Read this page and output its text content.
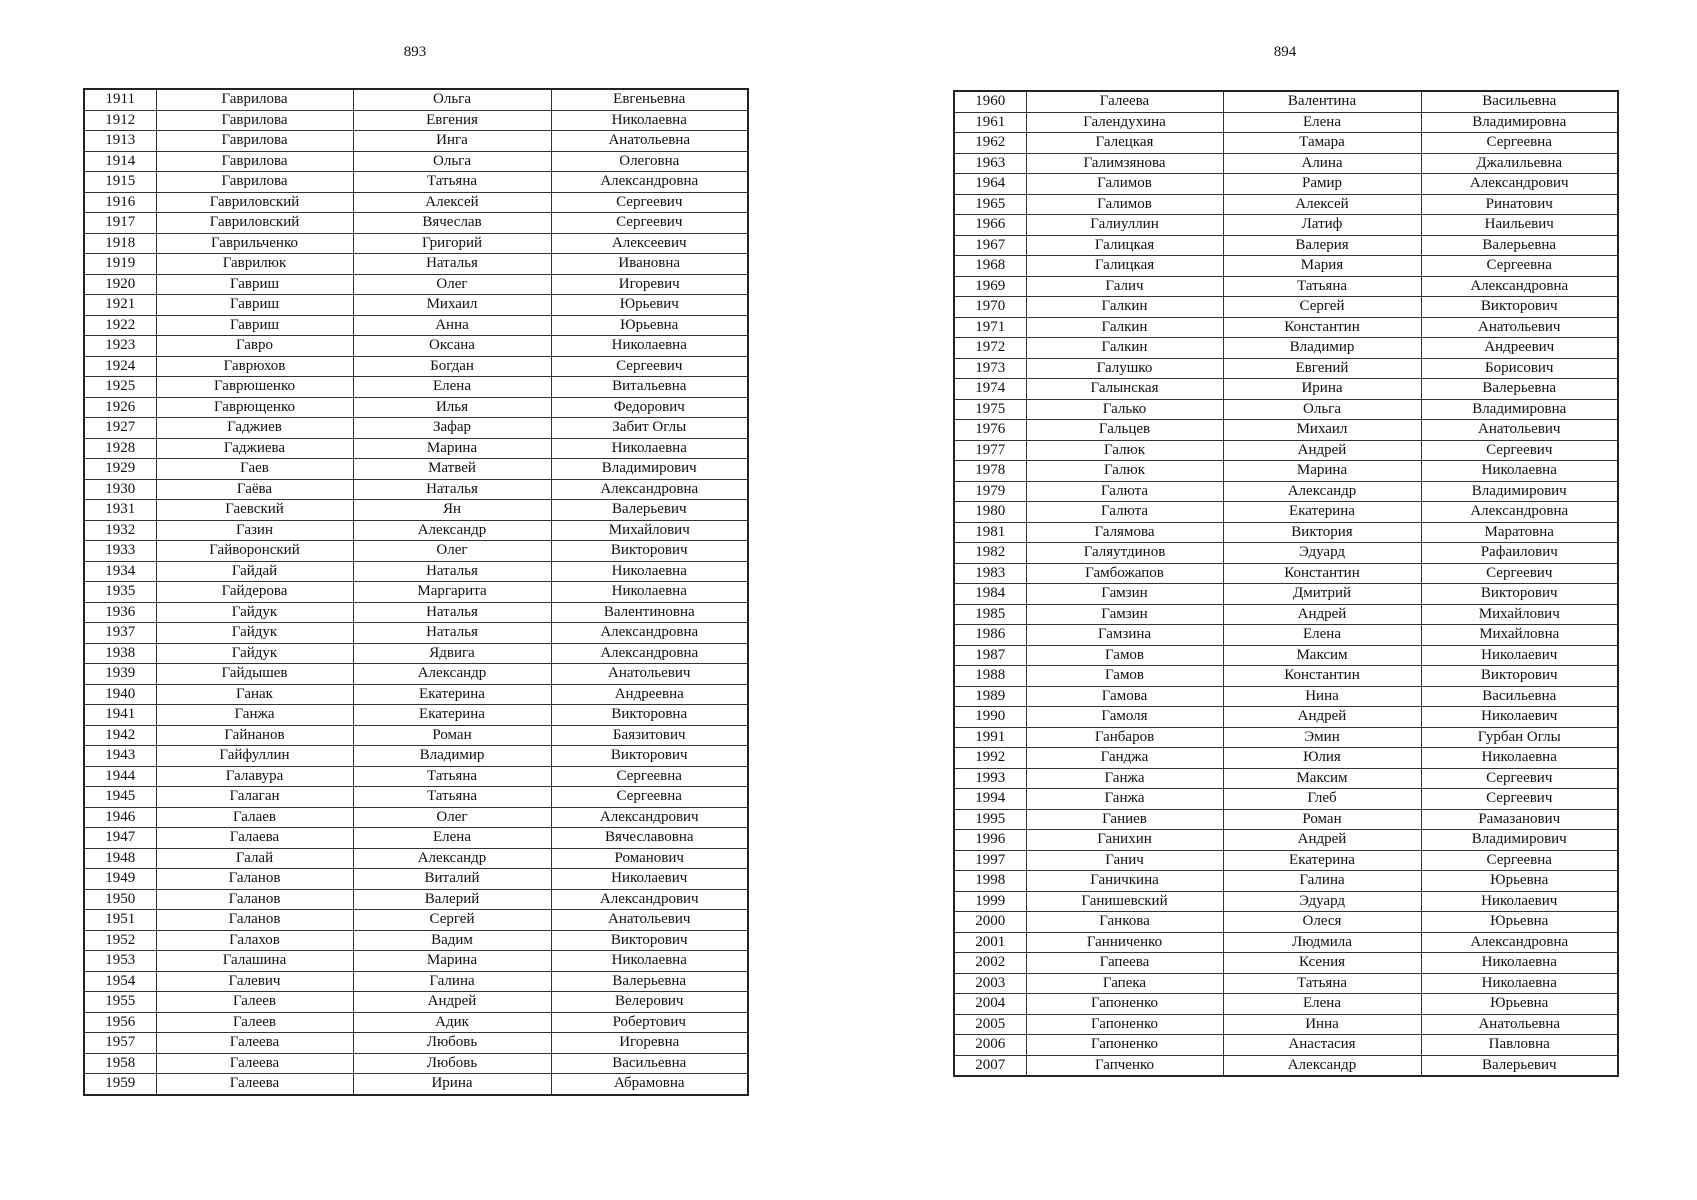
893
1911	Гаврилова	Ольга	Евгеньевна
1912	Гаврилова	Евгения	Николаевна
1913	Гаврилова	Инга	Анатольевна
1914	Гаврилова	Ольга	Олеговна
1915	Гаврилова	Татьяна	Александровна
1916	Гавриловский	Алексей	Сергеевич
1917	Гавриловский	Вячеслав	Сергеевич
1918	Гаврильченко	Григорий	Алексеевич
1919	Гаврилюк	Наталья	Ивановна
1920	Гавриш	Олег	Игоревич
1921	Гавриш	Михаил	Юрьевич
1922	Гавриш	Анна	Юрьевна
1923	Гавро	Оксана	Николаевна
1924	Гаврюхов	Богдан	Сергеевич
1925	Гаврюшенко	Елена	Витальевна
1926	Гаврющенко	Илья	Федорович
1927	Гаджиев	Зафар	Забит Оглы
1928	Гаджиева	Марина	Николаевна
1929	Гаев	Матвей	Владимирович
1930	Гаёва	Наталья	Александровна
1931	Гаевский	Ян	Валерьевич
1932	Газин	Александр	Михайлович
1933	Гайворонский	Олег	Викторович
1934	Гайдай	Наталья	Николаевна
1935	Гайдерова	Маргарита	Николаевна
1936	Гайдук	Наталья	Валентиновна
1937	Гайдук	Наталья	Александровна
1938	Гайдук	Ядвига	Александровна
1939	Гайдышев	Александр	Анатольевич
1940	Ганак	Екатерина	Андреевна
1941	Ганжа	Екатерина	Викторовна
1942	Гайнанов	Роман	Баязитович
1943	Гайфуллин	Владимир	Викторович
1944	Галавура	Татьяна	Сергеевна
1945	Галаган	Татьяна	Сергеевна
1946	Галаев	Олег	Александрович
1947	Галаева	Елена	Вячеславовна
1948	Галай	Александр	Романович
1949	Галанов	Виталий	Николаевич
1950	Галанов	Валерий	Александрович
1951	Галанов	Сергей	Анатольевич
1952	Галахов	Вадим	Викторович
1953	Галашина	Марина	Николаевна
1954	Галевич	Галина	Валерьевна
1955	Галеев	Андрей	Велерович
1956	Галеев	Адик	Робертович
1957	Галеева	Любовь	Игоревна
1958	Галеева	Любовь	Васильевна
1959	Галеева	Ирина	Абрамовна
894
1960	Галеева	Валентина	Васильевна
1961	Галендухина	Елена	Владимировна
1962	Галецкая	Тамара	Сергеевна
1963	Галимзянова	Алина	Джалильевна
1964	Галимов	Рамир	Александрович
1965	Галимов	Алексей	Ринатович
1966	Галиуллин	Латиф	Наильевич
1967	Галицкая	Валерия	Валерьевна
1968	Галицкая	Мария	Сергеевна
1969	Галич	Татьяна	Александровна
1970	Галкин	Сергей	Викторович
1971	Галкин	Константин	Анатольевич
1972	Галкин	Владимир	Андреевич
1973	Галушко	Евгений	Борисович
1974	Галынская	Ирина	Валерьевна
1975	Галько	Ольга	Владимировна
1976	Гальцев	Михаил	Анатольевич
1977	Галюк	Андрей	Сергеевич
1978	Галюк	Марина	Николаевна
1979	Галюта	Александр	Владимирович
1980	Галюта	Екатерина	Александровна
1981	Галямова	Виктория	Маратовна
1982	Галяутдинов	Эдуард	Рафаилович
1983	Гамбожапов	Константин	Сергеевич
1984	Гамзин	Дмитрий	Викторович
1985	Гамзин	Андрей	Михайлович
1986	Гамзина	Елена	Михайловна
1987	Гамов	Максим	Николаевич
1988	Гамов	Константин	Викторович
1989	Гамова	Нина	Васильевна
1990	Гамоля	Андрей	Николаевич
1991	Ганбаров	Эмин	Гурбан Оглы
1992	Ганджа	Юлия	Николаевна
1993	Ганжа	Максим	Сергеевич
1994	Ганжа	Глеб	Сергеевич
1995	Ганиев	Роман	Рамазанович
1996	Ганихин	Андрей	Владимирович
1997	Ганич	Екатерина	Сергеевна
1998	Ганичкина	Галина	Юрьевна
1999	Ганишевский	Эдуард	Николаевич
2000	Ганкова	Олеся	Юрьевна
2001	Ганниченко	Людмила	Александровна
2002	Гапеева	Ксения	Николаевна
2003	Гапека	Татьяна	Николаевна
2004	Гапоненко	Елена	Юрьевна
2005	Гапоненко	Инна	Анатольевна
2006	Гапоненко	Анастасия	Павловна
2007	Гапченко	Александр	Валерьевич
